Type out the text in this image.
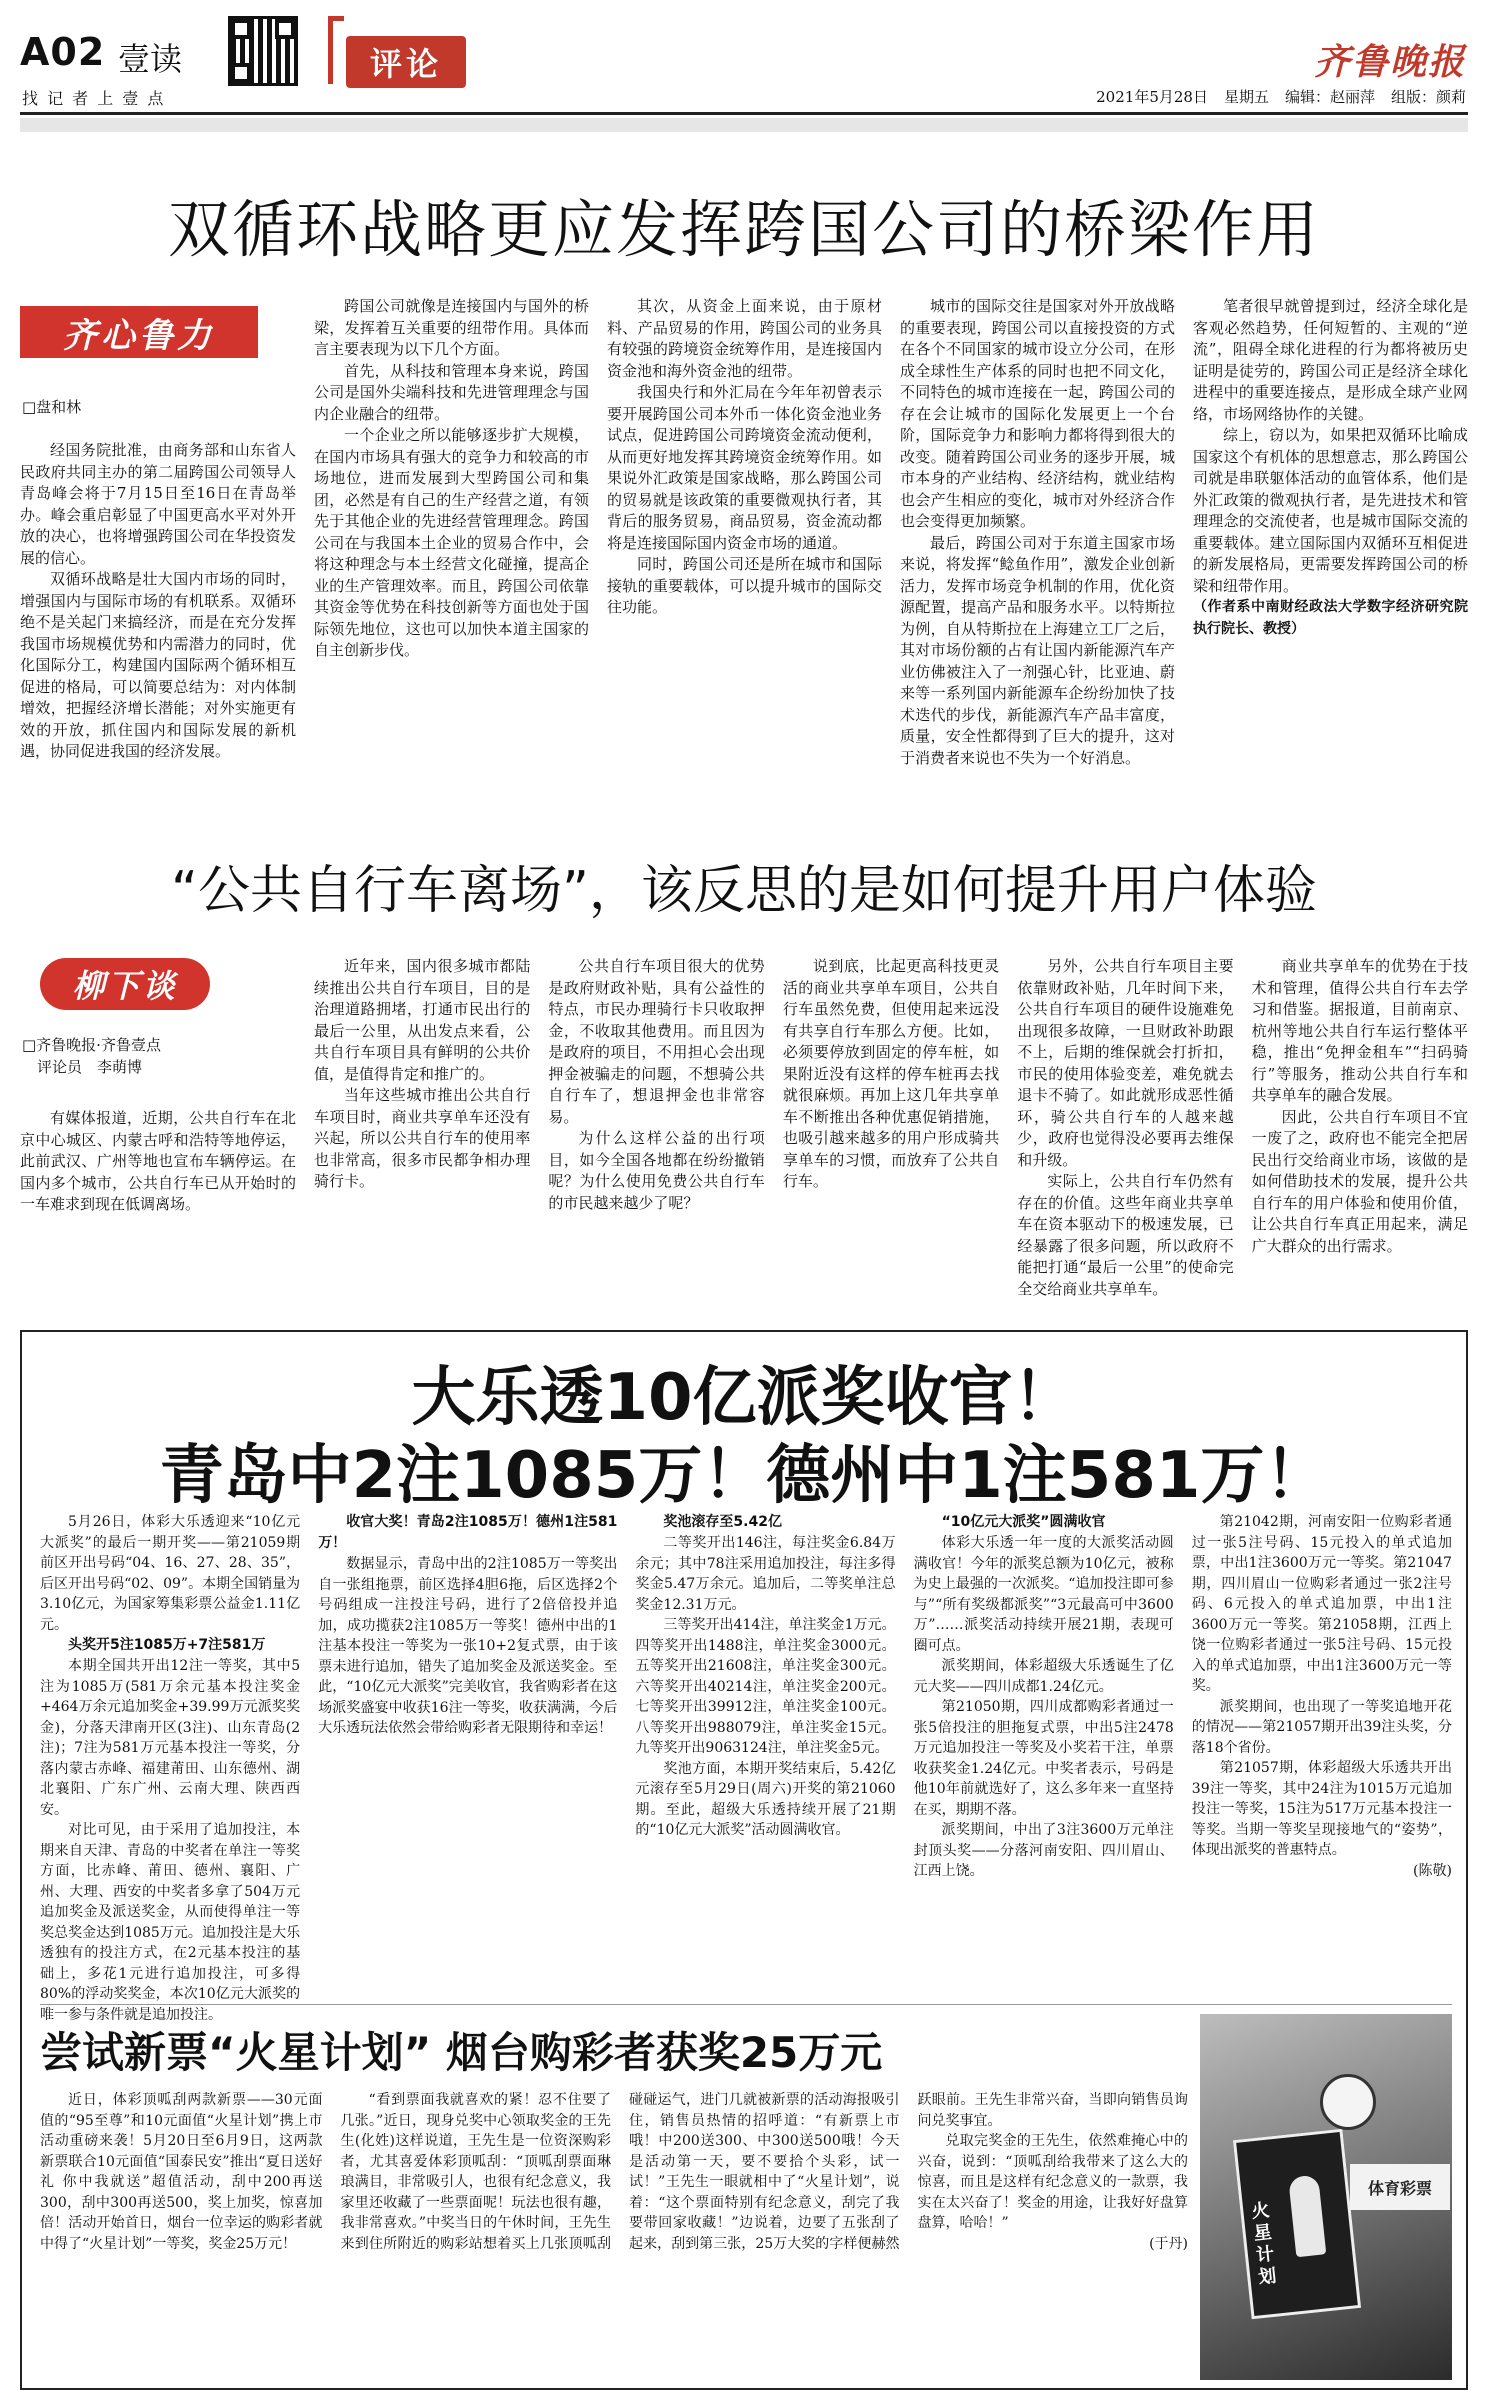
A02 壹读
找 记 者 上 壹 点
评论	齐鲁晚报
2021年5月28日 星期五 编辑：赵丽萍 组版：颜莉
双循环战略更应发挥跨国公司的桥梁作用
齐心鲁力
□盘和林

经国务院批准，由商务部和山东省人民政府共同主办的第二届跨国公司领导人青岛峰会将于7月15日至16日在青岛举办。峰会重启彰显了中国更高水平对外开放的决心，也将增强跨国公司在华投资发展的信心。

双循环战略是壮大国内市场的同时，增强国内与国际市场的有机联系。双循环绝不是关起门来搞经济，而是在充分发挥我国市场规模优势和内需潜力的同时，优化国际分工，构建国内国际两个循环相互促进的格局，可以简要总结为：对内体制增效，把握经济增长潜能；对外实施更有效的开放，抓住国内和国际发展的新机遇，协同促进我国的经济发展。

跨国公司就像是连接国内与国外的桥梁，发挥着互关重要的纽带作用。具体而言主要表现为以下几个方面。

首先，从科技和管理本身来说，跨国公司是国外尖端科技和先进管理理念与国内企业融合的纽带。

一个企业之所以能够逐步扩大规模，在国内市场具有强大的竞争力和较高的市场地位，进而发展到大型跨国公司和集团，必然是有自己的生产经营之道，有领先于其他企业的先进经营管理理念。跨国公司在与我国本土企业的贸易合作中，会将这种理念与本土经营文化碰撞，提高企业的生产管理效率。而且，跨国公司依靠其资金等优势在科技创新等方面也处于国际领先地位，这也可以加快本道主国家的自主创新步伐。

其次，从资金上面来说，由于原材料、产品贸易的作用，跨国公司的业务具有较强的跨境资金统筹作用，是连接国内资金池和海外资金池的纽带。

我国央行和外汇局在今年年初曾表示要开展跨国公司本外币一体化资金池业务试点，促进跨国公司跨境资金流动便利，从而更好地发挥其跨境资金统筹作用。如果说外汇政策是国家战略，那么跨国公司的贸易就是该政策的重要微观执行者，其背后的服务贸易，商品贸易，资金流动都将是连接国际国内资金市场的通道。

同时，跨国公司还是所在城市和国际接轨的重要载体，可以提升城市的国际交往功能。

城市的国际交往是国家对外开放战略的重要表现，跨国公司以直接投资的方式在各个不同国家的城市设立分公司，在形成全球性生产体系的同时也把不同文化，不同特色的城市连接在一起，跨国公司的存在会让城市的国际化发展更上一个台阶，国际竞争力和影响力都将得到很大的改变。随着跨国公司业务的逐步开展，城市本身的产业结构、经济结构，就业结构也会产生相应的变化，城市对外经济合作也会变得更加频繁。

最后，跨国公司对于东道主国家市场来说，将发挥“鲶鱼作用”，激发企业创新活力，发挥市场竞争机制的作用，优化资源配置，提高产品和服务水平。以特斯拉为例，自从特斯拉在上海建立工厂之后，其对市场份额的占有让国内新能源汽车产业仿佛被注入了一剂强心针，比亚迪、蔚来等一系列国内新能源车企纷纷加快了技术迭代的步伐，新能源汽车产品丰富度，质量，安全性都得到了巨大的提升，这对于消费者来说也不失为一个好消息。

笔者很早就曾提到过，经济全球化是客观必然趋势，任何短暂的、主观的“逆流”，阻碍全球化进程的行为都将被历史证明是徒劳的，跨国公司正是经济全球化进程中的重要连接点，是形成全球产业网络，市场网络协作的关键。

综上，窃以为，如果把双循环比喻成国家这个有机体的思想意志，那么跨国公司就是串联躯体活动的血管体系，他们是外汇政策的微观执行者，是先进技术和管理理念的交流使者，也是城市国际交流的重要载体。建立国际国内双循环互相促进的新发展格局，更需要发挥跨国公司的桥梁和纽带作用。

（作者系中南财经政法大学数字经济研究院执行院长、教授）

“公共自行车离场”，该反思的是如何提升用户体验
柳下谈
□齐鲁晚报·齐鲁壹点
　评论员　李萌博

有媒体报道，近期，公共自行车在北京中心城区、内蒙古呼和浩特等地停运，此前武汉、广州等地也宣布车辆停运。在国内多个城市，公共自行车已从开始时的一车难求到现在低调离场。

近年来，国内很多城市都陆续推出公共自行车项目，目的是治理道路拥堵，打通市民出行的最后一公里，从出发点来看，公共自行车项目具有鲜明的公共价值，是值得肯定和推广的。

当年这些城市推出公共自行车项目时，商业共享单车还没有兴起，所以公共自行车的使用率也非常高，很多市民都争相办理骑行卡。

公共自行车项目很大的优势是政府财政补贴，具有公益性的特点，市民办理骑行卡只收取押金，不收取其他费用。而且因为是政府的项目，不用担心会出现押金被骗走的问题，不想骑公共自行车了，想退押金也非常容易。

为什么这样公益的出行项目，如今全国各地都在纷纷撤销呢？为什么使用免费公共自行车的市民越来越少了呢？

说到底，比起更高科技更灵活的商业共享单车项目，公共自行车虽然免费，但使用起来远没有共享自行车那么方便。比如，必须要停放到固定的停车桩，如果附近没有这样的停车桩再去找就很麻烦。再加上这几年共享单车不断推出各种优惠促销措施，也吸引越来越多的用户形成骑共享单车的习惯，而放弃了公共自行车。

另外，公共自行车项目主要依靠财政补贴，几年时间下来，公共自行车项目的硬件设施难免出现很多故障，一旦财政补助跟不上，后期的维保就会打折扣，市民的使用体验变差，难免就去退卡不骑了。如此就形成恶性循环，骑公共自行车的人越来越少，政府也觉得没必要再去维保和升级。

实际上，公共自行车仍然有存在的价值。这些年商业共享单车在资本驱动下的极速发展，已经暴露了很多问题，所以政府不能把打通“最后一公里”的使命完全交给商业共享单车。

商业共享单车的优势在于技术和管理，值得公共自行车去学习和借鉴。据报道，目前南京、杭州等地公共自行车运行整体平稳，推出“免押金租车”“扫码骑行”等服务，推动公共自行车和共享单车的融合发展。

因此，公共自行车项目不宜一废了之，政府也不能完全把居民出行交给商业市场，该做的是如何借助技术的发展，提升公共自行车的用户体验和使用价值，让公共自行车真正用起来，满足广大群众的出行需求。

大乐透10亿派奖收官！
青岛中2注1085万！德州中1注581万！

5月26日，体彩大乐透迎来“10亿元大派奖”的最后一期开奖——第21059期前区开出号码“04、16、27、28、35”，后区开出号码“02、09”。本期全国销量为3.10亿元，为国家筹集彩票公益金1.11亿元。

头奖开5注1085万+7注581万

本期全国共开出12注一等奖，其中5注为1085万(581万余元基本投注奖金+464万余元追加奖金+39.99万元派奖奖金)，分落天津南开区(3注)、山东青岛(2注)；7注为581万元基本投注一等奖，分落内蒙古赤峰、福建莆田、山东德州、湖北襄阳、广东广州、云南大理、陕西西安。

对比可见，由于采用了追加投注，本期来自天津、青岛的中奖者在单注一等奖方面，比赤峰、莆田、德州、襄阳、广州、大理、西安的中奖者多拿了504万元追加奖金及派送奖金，从而使得单注一等奖总奖金达到1085万元。追加投注是大乐透独有的投注方式，在2元基本投注的基础上，多花1元进行追加投注，可多得80%的浮动奖奖金，本次10亿元大派奖的唯一参与条件就是追加投注。

收官大奖！青岛2注1085万！德州1注581万！

数据显示，青岛中出的2注1085万一等奖出自一张组拖票，前区选择4胆6拖，后区选择2个号码组成一注投注号码，进行了2倍倍投并追加，成功揽获2注1085万一等奖！德州中出的1注基本投注一等奖为一张10+2复式票，由于该票未进行追加，错失了追加奖金及派送奖金。至此，“10亿元大派奖”完美收官，我省购彩者在这场派奖盛宴中收获16注一等奖，收获满满，今后大乐透玩法依然会带给购彩者无限期待和幸运！

奖池滚存至5.42亿

二等奖开出146注，每注奖金6.84万余元；其中78注采用追加投注，每注多得奖金5.47万余元。追加后，二等奖单注总奖金12.31万元。

三等奖开出414注，单注奖金1万元。四等奖开出1488注，单注奖金3000元。五等奖开出21608注，单注奖金300元。六等奖开出40214注，单注奖金200元。七等奖开出39912注，单注奖金100元。八等奖开出988079注，单注奖金15元。九等奖开出9063124注，单注奖金5元。

奖池方面，本期开奖结束后，5.42亿元滚存至5月29日(周六)开奖的第21060期。至此，超级大乐透持续开展了21期的“10亿元大派奖”活动圆满收官。

“10亿元大派奖”圆满收官

体彩大乐透一年一度的大派奖活动圆满收官！今年的派奖总额为10亿元，被称为史上最强的一次派奖。“追加投注即可参与”“所有奖级都派奖”“3元最高可中3600万”……派奖活动持续开展21期，表现可圈可点。

派奖期间，体彩超级大乐透诞生了亿元大奖——四川成都1.24亿元。

第21050期，四川成都购彩者通过一张5倍投注的胆拖复式票，中出5注2478万元追加投注一等奖及小奖若干注，单票收获奖金1.24亿元。中奖者表示，号码是他10年前就选好了，这么多年来一直坚持在买，期期不落。

派奖期间，中出了3注3600万元单注封顶头奖——分落河南安阳、四川眉山、江西上饶。

第21042期，河南安阳一位购彩者通过一张5注号码、15元投入的单式追加票，中出1注3600万元一等奖。第21047期，四川眉山一位购彩者通过一张2注号码、6元投入的单式追加票，中出1注3600万元一等奖。第21058期，江西上饶一位购彩者通过一张5注号码、15元投入的单式追加票，中出1注3600万元一等奖。

派奖期间，也出现了一等奖追地开花的情况——第21057期开出39注头奖，分落18个省份。

第21057期，体彩超级大乐透共开出39注一等奖，其中24注为1015万元追加投注一等奖，15注为517万元基本投注一等奖。当期一等奖呈现接地气的“姿势”，体现出派奖的普惠特点。

(陈敬)

尝试新票“火星计划” 烟台购彩者获奖25万元

近日，体彩顶呱刮两款新票——30元面值的“95至尊”和10元面值“火星计划”携上市活动重磅来袭！5月20日至6月9日，这两款新票联合10元面值“国泰民安”推出“夏日送好礼 你中我就送”超值活动，刮中200再送300，刮中300再送500，奖上加奖，惊喜加倍！活动开始首日，烟台一位幸运的购彩者就中得了“火星计划”一等奖，奖金25万元！

“看到票面我就喜欢的紧！忍不住要了几张。”近日，现身兑奖中心领取奖金的王先生(化姓)这样说道，王先生是一位资深购彩者，尤其喜爱体彩顶呱刮：“顶呱刮票面琳琅满目，非常吸引人，也很有纪念意义，我家里还收藏了一些票面呢！玩法也很有趣，我非常喜欢。”中奖当日的午休时间，王先生来到住所附近的购彩站想着买上几张顶呱刮碰碰运气，进门几就被新票的活动海报吸引住，销售员热情的招呼道：“有新票上市哦！中200送300、中300送500哦！今天是活动第一天，要不要拾个头彩，试一试！”王先生一眼就相中了“火星计划”，说着：“这个票面特别有纪念意义，刮完了我要带回家收藏！”边说着，边要了五张刮了起来，刮到第三张，25万大奖的字样便赫然跃眼前。王先生非常兴奋，当即向销售员询问兑奖事宜。

兑取完奖金的王先生，依然难掩心中的兴奋，说到：“顶呱刮给我带来了这么大的惊喜，而且是这样有纪念意义的一款票，我实在太兴奋了！奖金的用途，让我好好盘算盘算，哈哈！”

(于丹)

火星计划
体育彩票
